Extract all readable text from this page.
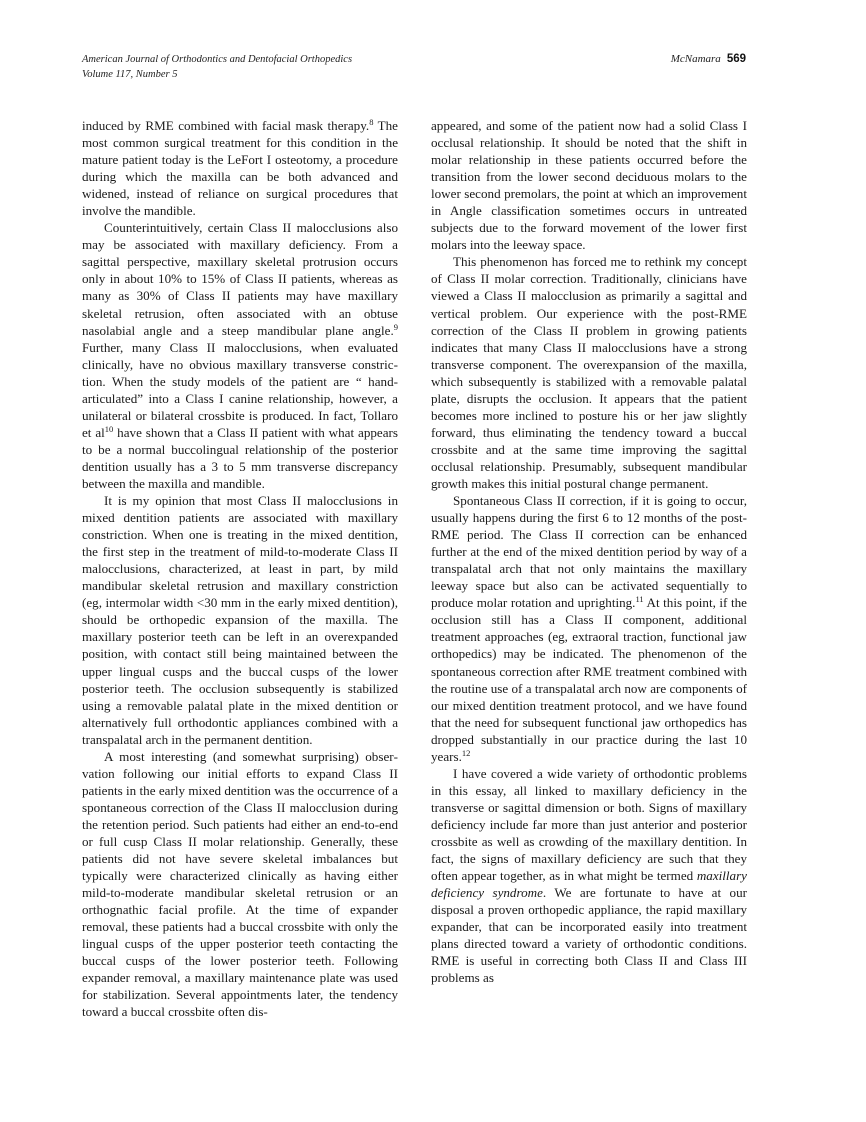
American Journal of Orthodontics and Dentofacial Orthopedics
Volume 117, Number 5
McNamara 569

induced by RME combined with facial mask therapy.$^8$ The most common surgical treatment for this condition in the mature patient today is the LeFort I osteotomy, a procedure during which the maxilla can be both advanced and widened, instead of reliance on surgical procedures that involve the mandible.

Counterintuitively, certain Class II malocclusions also may be associated with maxillary deficiency. From a sagittal perspective, maxillary skeletal protrusion occurs only in about 10% to 15% of Class II patients, whereas as many as 30% of Class II patients may have maxillary skeletal retrusion, often associated with an obtuse nasolabial angle and a steep mandibular plane angle.$^9$ Further, many Class II malocclusions, when evaluated clinically, have no obvious maxillary transverse constriction. When the study models of the patient are “ hand-articulated” into a Class I canine relationship, however, a unilateral or bilateral crossbite is produced. In fact, Tollaro et $al^{10}$ have shown that a Class II patient with what appears to be a normal buccolingual relationship of the posterior dentition usually has a 3 to 5 mm transverse discrepancy between the maxilla and mandible.

It is my opinion that most Class II malocclusions in mixed dentition patients are associated with maxillary constriction. When one is treating in the mixed dentition, the first step in the treatment of mild-to-moderate Class II malocclusions, characterized, at least in part, by mild mandibular skeletal retrusion and maxillary constriction (eg, intermolar width <30 mm in the early mixed dentition), should be orthopedic expansion of the maxilla. The maxillary posterior teeth can be left in an overexpanded position, with contact still being maintained between the upper lingual cusps and the buccal cusps of the lower posterior teeth. The occlusion subsequently is stabilized using a removable palatal plate in the mixed dentition or alternatively full orthodontic appliances combined with a transpalatal arch in the permanent dentition.

A most interesting (and somewhat surprising) observation following our initial efforts to expand Class II patients in the early mixed dentition was the occurrence of a spontaneous correction of the Class II malocclusion during the retention period. Such patients had either an end-to-end or full cusp Class II molar relationship. Generally, these patients did not have severe skeletal imbalances but typically were characterized clinically as having either mild-to-moderate mandibular skeletal retrusion or an orthognathic facial profile. At the time of expander removal, these patients had a buccal crossbite with only the lingual cusps of the upper posterior teeth contacting the buccal cusps of the lower posterior teeth. Following expander removal, a maxillary maintenance plate was used for stabilization. Several appointments later, the tendency toward a buccal crossbite often dis-

appeared, and some of the patient now had a solid Class I occlusal relationship. It should be noted that the shift in molar relationship in these patients occurred before the transition from the lower second deciduous molars to the lower second premolars, the point at which an improvement in Angle classification sometimes occurs in untreated subjects due to the forward movement of the lower first molars into the leeway space.

This phenomenon has forced me to rethink my concept of Class II molar correction. Traditionally, clinicians have viewed a Class II malocclusion as primarily a sagittal and vertical problem. Our experience with the post-RME correction of the Class II problem in growing patients indicates that many Class II malocclusions have a strong transverse component. The overexpansion of the maxilla, which subsequently is stabilized with a removable palatal plate, disrupts the occlusion. It appears that the patient becomes more inclined to posture his or her jaw slightly forward, thus eliminating the tendency toward a buccal crossbite and at the same time improving the sagittal occlusal relationship. Presumably, subsequent mandibular growth makes this initial postural change permanent.

Spontaneous Class II correction, if it is going to occur, usually happens during the first 6 to 12 months of the post-RME period. The Class II correction can be enhanced further at the end of the mixed dentition period by way of a transpalatal arch that not only maintains the maxillary leeway space but also can be activated sequentially to produce molar rotation and uprighting.$^{11}$ At this point, if the occlusion still has a Class II component, additional treatment approaches (eg, extraoral traction, functional jaw orthopedics) may be indicated. The phenomenon of the spontaneous correction after RME treatment combined with the routine use of a transpalatal arch now are components of our mixed dentition treatment protocol, and we have found that the need for subsequent functional jaw orthopedics has dropped substantially in our practice during the last 10 years.$^{12}$

I have covered a wide variety of orthodontic problems in this essay, all linked to maxillary deficiency in the transverse or sagittal dimension or both. Signs of maxillary deficiency include far more than just anterior and posterior crossbite as well as crowding of the maxillary dentition. In fact, the signs of maxillary deficiency are such that they often appear together, as in what might be termed maxillary deficiency syndrome. We are fortunate to have at our disposal a proven orthopedic appliance, the rapid maxillary expander, that can be incorporated easily into treatment plans directed toward a variety of orthodontic conditions. RME is useful in correcting both Class II and Class III problems as
